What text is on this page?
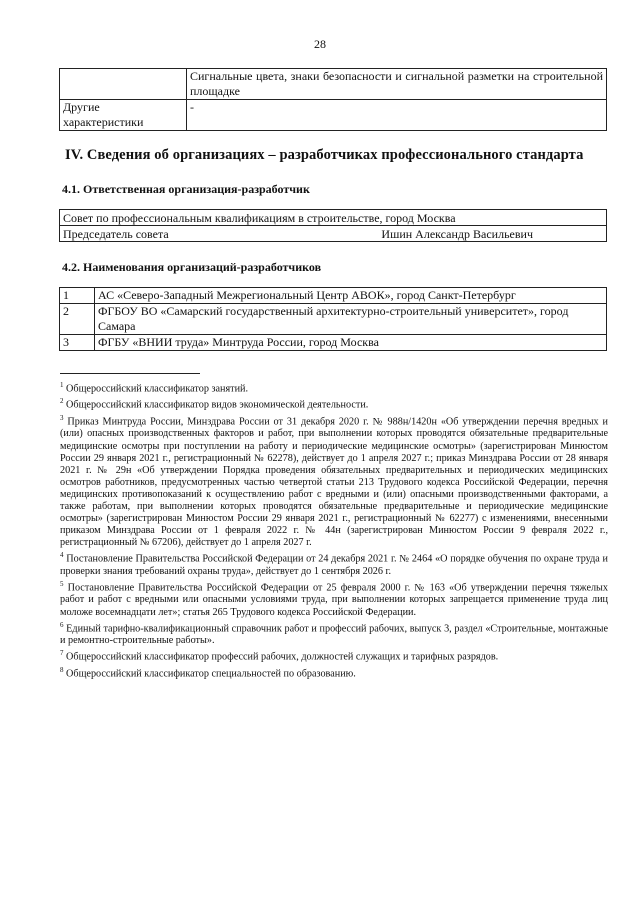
28
	Сигнальные цвета, знаки безопасности и сигнальной разметки на строительной площадке
Другие характеристики	-
IV. Сведения об организациях – разработчиках профессионального стандарта
4.1. Ответственная организация-разработчик
Совет по профессиональным квалификациям в строительстве, город Москва

Председатель совета	Ишин Александр Васильевич
4.2. Наименования организаций-разработчиков
1	АС «Северо-Западный Межрегиональный Центр АВОК», город Санкт-Петербург
2	ФГБОУ ВО «Самарский государственный архитектурно-строительный университет», город Самара
3	ФГБУ «ВНИИ труда» Минтруда России, город Москва

$^1$ Общероссийский классификатор занятий.

$^2$ Общероссийский классификатор видов экономической деятельности.

$^3$ Приказ Минтруда России, Минздрава России от 31 декабря 2020 г. № 988н/1420н «Об утверждении перечня вредных и (или) опасных производственных факторов и работ, при выполнении которых проводятся обязательные предварительные медицинские осмотры при поступлении на работу и периодические медицинские осмотры» (зарегистрирован Минюстом России 29 января 2021 г., регистрационный № 62278), действует до 1 апреля 2027 г.; приказ Минздрава России от 28 января 2021 г. № 29н «Об утверждении Порядка проведения обязательных предварительных и периодических медицинских осмотров работников, предусмотренных частью четвертой статьи 213 Трудового кодекса Российской Федерации, перечня медицинских противопоказаний к осуществлению работ с вредными и (или) опасными производственными факторами, а также работам, при выполнении которых проводятся обязательные предварительные и периодические медицинские осмотры» (зарегистрирован Минюстом России 29 января 2021 г., регистрационный № 62277) с изменениями, внесенными приказом Минздрава России от 1 февраля 2022 г. № 44н (зарегистрирован Минюстом России 9 февраля 2022 г., регистрационный № 67206), действует до 1 апреля 2027 г.

$^4$ Постановление Правительства Российской Федерации от 24 декабря 2021 г. № 2464 «О порядке обучения по охране труда и проверки знания требований охраны труда», действует до 1 сентября 2026 г.

$^5$ Постановление Правительства Российской Федерации от 25 февраля 2000 г. № 163 «Об утверждении перечня тяжелых работ и работ с вредными или опасными условиями труда, при выполнении которых запрещается применение труда лиц моложе восемнадцати лет»; статья 265 Трудового кодекса Российской Федерации.

$^6$ Единый тарифно-квалификационный справочник работ и профессий рабочих, выпуск 3, раздел «Строительные, монтажные и ремонтно-строительные работы».

$^7$ Общероссийский классификатор профессий рабочих, должностей служащих и тарифных разрядов.

$^8$ Общероссийский классификатор специальностей по образованию.
